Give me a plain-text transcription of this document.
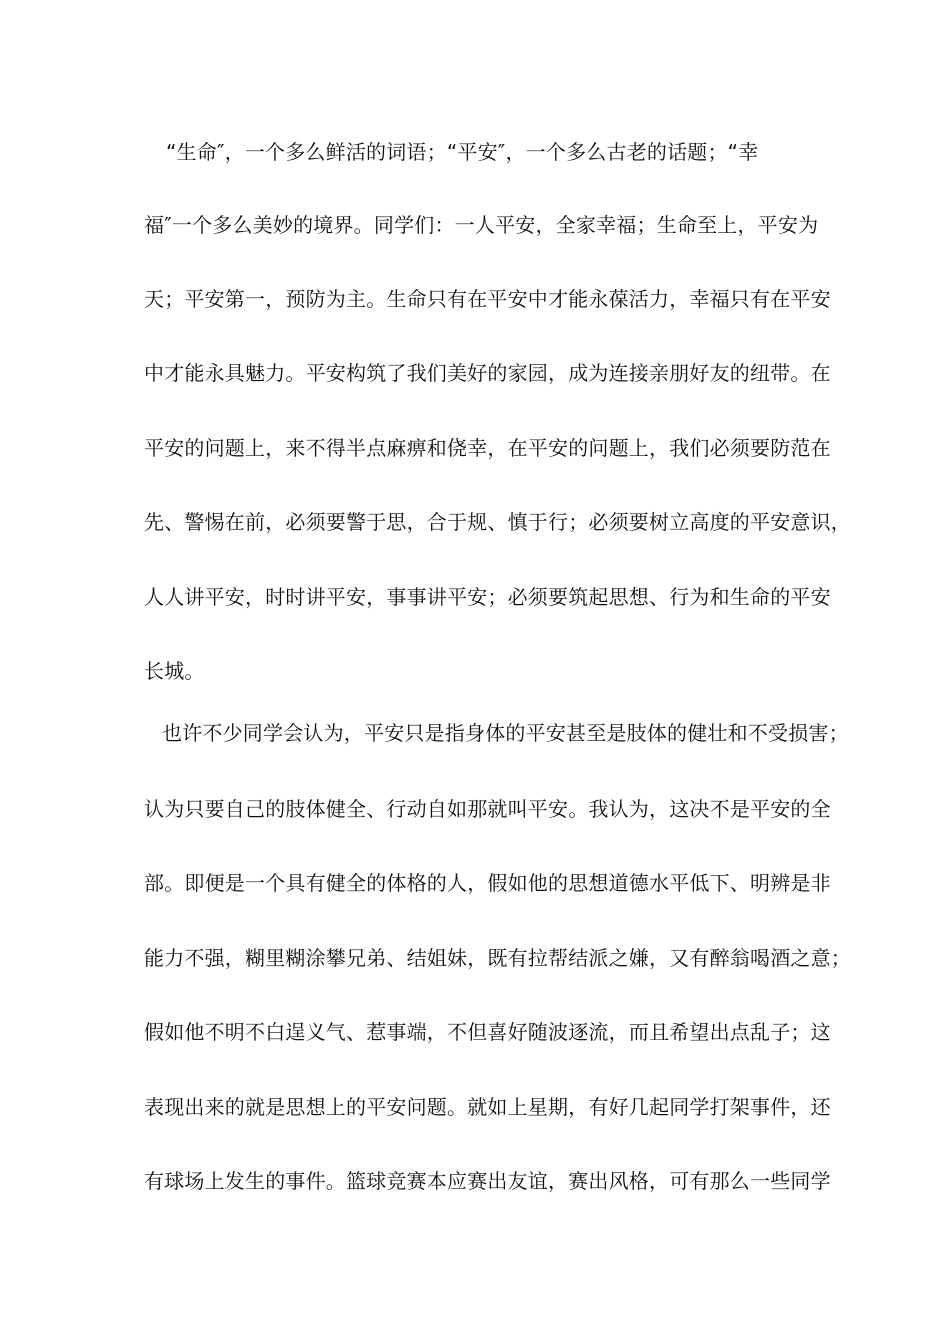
“生命″，一个多么鲜活的词语；“平安″，一个多么古老的话题；“幸
福″一个多么美妙的境界。同学们：一人平安，全家幸福；生命至上，平安为
天；平安第一，预防为主。生命只有在平安中才能永葆活力，幸福只有在平安
中才能永具魅力。平安构筑了我们美好的家园，成为连接亲朋好友的纽带。在
平安的问题上，来不得半点麻痹和侥幸，在平安的问题上，我们必须要防范在
先、警惕在前，必须要警于思，合于规、慎于行；必须要树立高度的平安意识，
人人讲平安，时时讲平安，事事讲平安；必须要筑起思想、行为和生命的平安
长城。
也许不少同学会认为，平安只是指身体的平安甚至是肢体的健壮和不受损害；
认为只要自己的肢体健全、行动自如那就叫平安。我认为，这决不是平安的全
部。即便是一个具有健全的体格的人，假如他的思想道德水平低下、明辨是非
能力不强，糊里糊涂攀兄弟、结姐妹，既有拉帮结派之嫌，又有醉翁喝酒之意；
假如他不明不白逞义气、惹事端，不但喜好随波逐流，而且希望出点乱子；这
表现出来的就是思想上的平安问题。就如上星期，有好几起同学打架事件，还
有球场上发生的事件。篮球竞赛本应赛出友谊，赛出风格，可有那么一些同学
